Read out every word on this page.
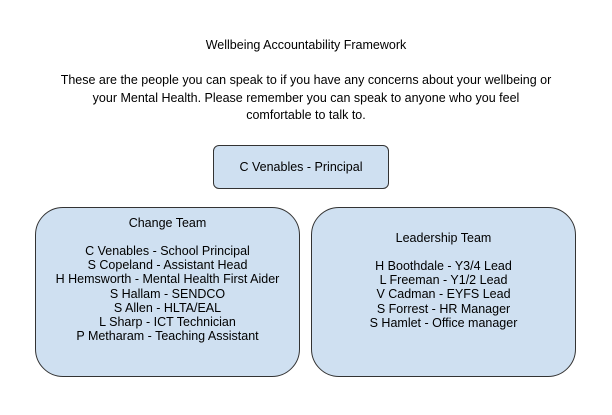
Wellbeing Accountability Framework
These are the people you can speak to if you have any concerns about your wellbeing or
your Mental Health. Please remember you can speak to anyone who you feel
comfortable to talk to.
C Venables - Principal
Change Team
C Venables - School Principal
S Copeland - Assistant Head
H Hemsworth - Mental Health First Aider
S Hallam - SENDCO
S Allen - HLTA/EAL
L Sharp - ICT Technician
P Metharam - Teaching Assistant
Leadership Team
H Boothdale - Y3/4 Lead
L Freeman - Y1/2 Lead
V Cadman - EYFS Lead
S Forrest - HR Manager
S Hamlet - Office manager
